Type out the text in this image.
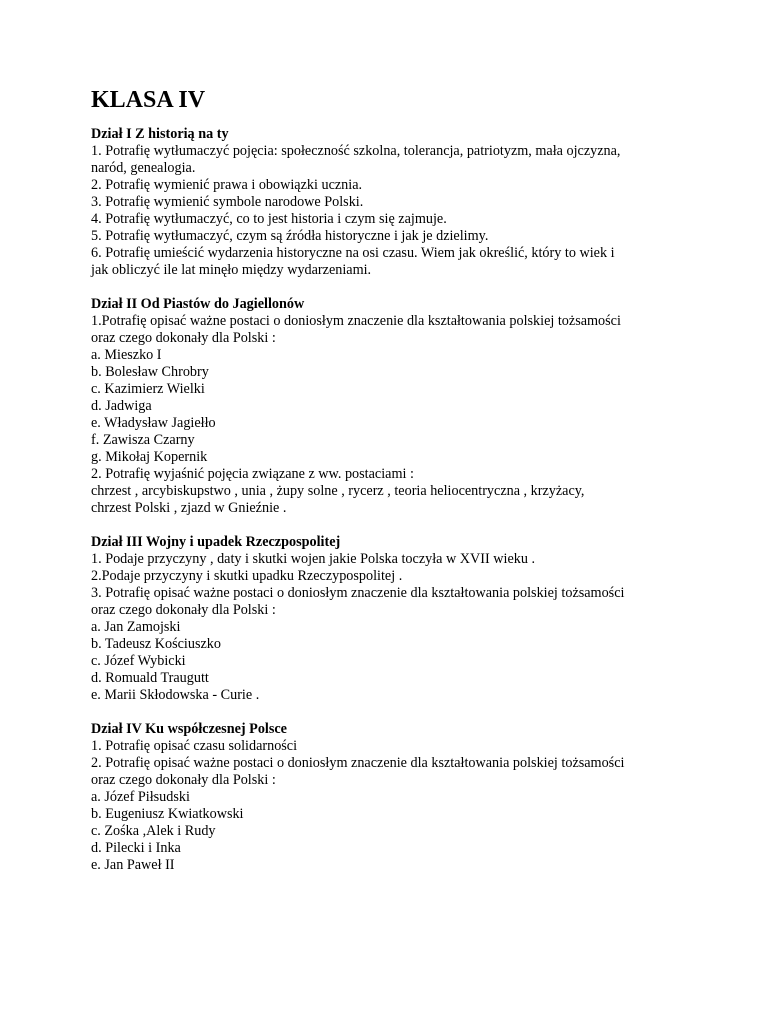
KLASA IV

Dział I Z historią na ty

1. Potrafię wytłumaczyć pojęcia: społeczność szkolna, tolerancja, patriotyzm, mała ojczyzna,

naród, genealogia.

2. Potrafię wymienić prawa i obowiązki ucznia.

3. Potrafię wymienić symbole narodowe Polski.

4. Potrafię wytłumaczyć, co to jest historia i czym się zajmuje.

5. Potrafię wytłumaczyć, czym są źródła historyczne i jak je dzielimy.

6. Potrafię umieścić wydarzenia historyczne na osi czasu. Wiem jak określić, który to wiek i

jak obliczyć ile lat minęło między wydarzeniami.

Dział II Od Piastów do Jagiellonów

1.Potrafię opisać ważne postaci o doniosłym znaczenie dla kształtowania polskiej tożsamości

oraz czego dokonały dla Polski :

a. Mieszko I

b. Bolesław Chrobry

c. Kazimierz Wielki

d. Jadwiga

e. Władysław Jagiełło

f. Zawisza Czarny

g. Mikołaj Kopernik

2. Potrafię wyjaśnić pojęcia związane z ww. postaciami :

chrzest , arcybiskupstwo , unia , żupy solne , rycerz , teoria heliocentryczna , krzyżacy,

chrzest Polski , zjazd w Gnieźnie .

Dział III Wojny i upadek Rzeczpospolitej

1. Podaje przyczyny , daty i skutki wojen jakie Polska toczyła w XVII wieku .

2.Podaje przyczyny i skutki upadku Rzeczypospolitej .

3. Potrafię opisać ważne postaci o doniosłym znaczenie dla kształtowania polskiej tożsamości

oraz czego dokonały dla Polski :

a. Jan Zamojski

b. Tadeusz Kościuszko

c. Józef Wybicki

d. Romuald Traugutt

e. Marii Skłodowska - Curie .

Dział IV Ku współczesnej Polsce

1. Potrafię opisać czasu solidarności

2. Potrafię opisać ważne postaci o doniosłym znaczenie dla kształtowania polskiej tożsamości

oraz czego dokonały dla Polski :

a. Józef Piłsudski

b. Eugeniusz Kwiatkowski

c. Zośka ,Alek i Rudy

d. Pilecki i Inka

e. Jan Paweł II
